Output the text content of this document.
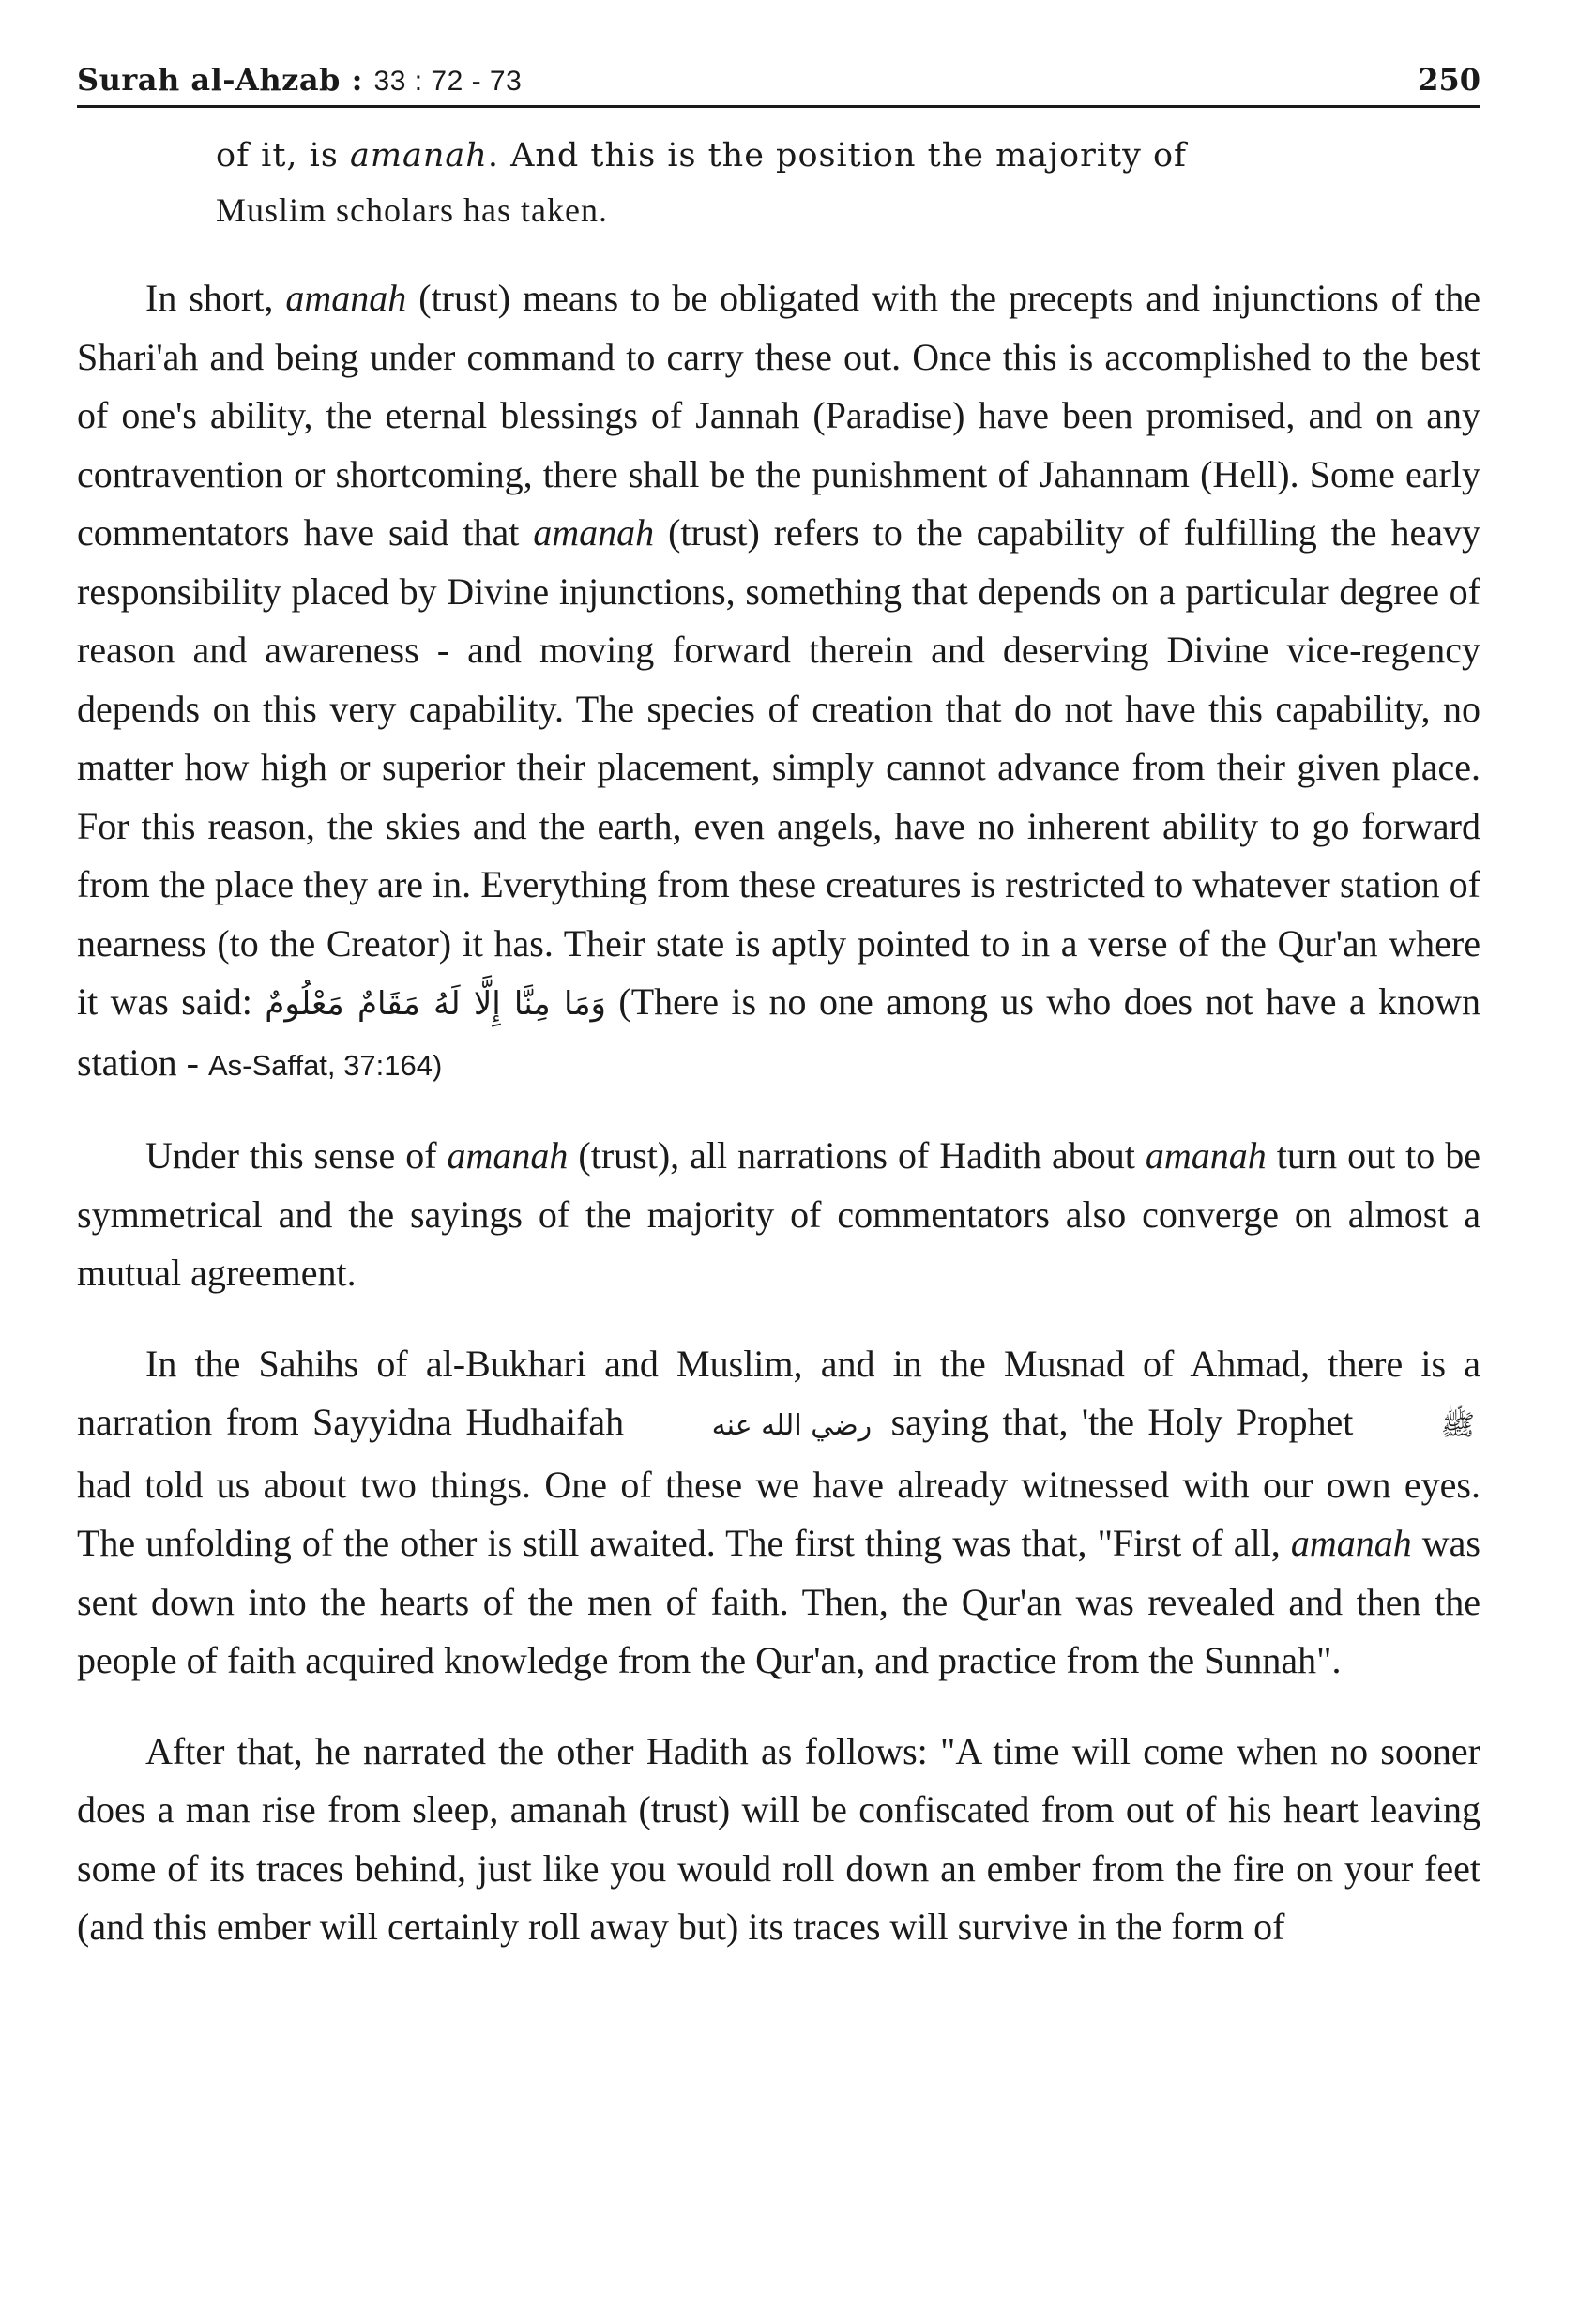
Surah al-Ahzab : 33 : 72 - 73	250
of it, is amanah. And this is the position the majority of
Muslim scholars has taken.

In short, amanah (trust) means to be obligated with the precepts and injunctions of the Shari'ah and being under command to carry these out. Once this is accomplished to the best of one's ability, the eternal blessings of Jannah (Paradise) have been promised, and on any contravention or shortcoming, there shall be the punishment of Jahannam (Hell). Some early commentators have said that amanah (trust) refers to the capability of fulfilling the heavy responsibility placed by Divine injunctions, something that depends on a particular degree of reason and awareness - and moving forward therein and deserving Divine vice-regency depends on this very capability. The species of creation that do not have this capability, no matter how high or superior their placement, simply cannot advance from their given place. For this reason, the skies and the earth, even angels, have no inherent ability to go forward from the place they are in. Everything from these creatures is restricted to whatever station of nearness (to the Creator) it has. Their state is aptly pointed to in a verse of the Qur'an where it was said: وَمَا مِنَّا إِلَّا لَهُ مَقَامٌ مَعْلُومٌ (There is no one among us who does not have a known station - As-Saffat, 37:164)

Under this sense of amanah (trust), all narrations of Hadith about amanah turn out to be symmetrical and the sayings of the majority of commentators also converge on almost a mutual agreement.

In the Sahihs of al-Bukhari and Muslim, and in the Musnad of Ahmad, there is a narration from Sayyidna Hudhaifah	رضي الله عنه saying that, 'the Holy Prophet	ﷺ had told us about two things. One of these we have already witnessed with our own eyes. The unfolding of the other is still awaited. The first thing was that, "First of all, amanah was sent down into the hearts of the men of faith. Then, the Qur'an was revealed and then the people of faith acquired knowledge from the Qur'an, and practice from the Sunnah".

After that, he narrated the other Hadith as follows: "A time will come when no sooner does a man rise from sleep, amanah (trust) will be confiscated from out of his heart leaving some of its traces behind, just like you would roll down an ember from the fire on your feet (and this ember will certainly roll away but) its traces will survive in the form of
